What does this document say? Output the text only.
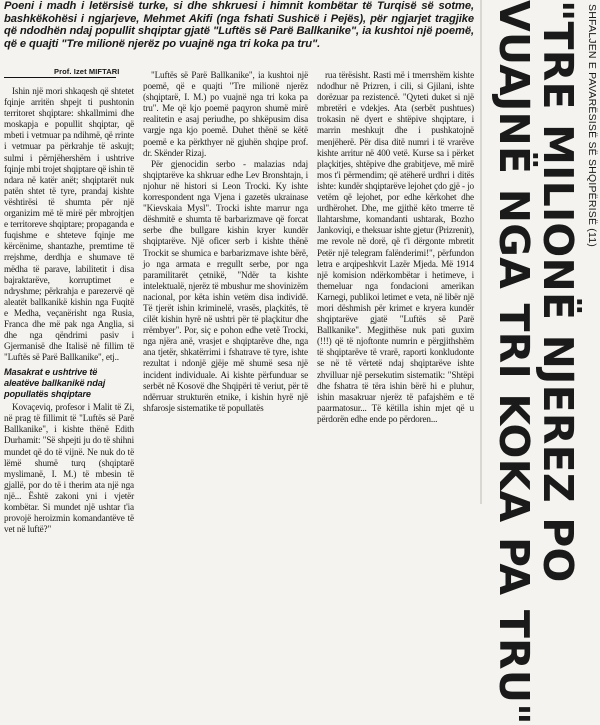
Poeni i madh i letërsisë turke, si dhe shkruesi i himnit kombëtar të Turqisë së sotme, bashkëkohësi i ngjarjeve, Mehmet Akifi (nga fshati Sushicë i Pejës), për ngjarjet tragjike që ndodhën ndaj popullit shqiptar gjatë "Luftës së Parë Ballkanike", ia kushtoi një poemë, që e quajti "Tre milionë njerëz po vuajnë nga tri koka pa tru".
Prof. Izet MIFTARI

Ishin një mori shkaqesh që shtetet fqinje arritën shpejt ti pushtonin territoret shqiptare: shkallmimi dhe moskapja e popullit shqiptar, që mbeti i vetmuar pa ndihmë, që rrinte i vetmuar pa përkrahje të askujt; sulmi i përnjëhershëm i ushtrive fqinje mbi trojet shqiptare që ishin të ndara në katër anët; shqiptarët nuk patën shtet të tyre, prandaj kishte vështirësi të shumta për një organizim më të mirë për mbrojtjen e territoreve shqiptare; propaganda e fuqishme e shteteve fqinje me kërcënime, shantazhe, premtime të rrejshme, derdhja e shumave të mëdha të parave, labilitetit i disa bajraktarëve, korruptimet e ndryshme; përkrahja e parezervë që aleatët ballkanikë kishin nga Fuqitë e Medha, veçanërisht nga Rusia, Franca dhe më pak nga Anglia, si dhe nga qëndrimi pasiv i Gjermanisë dhe Italisë në fillim të "Luftës së Parë Ballkanike", etj..

Masakrat e ushtrive të aleatëve ballkanikë ndaj popullatës shqiptare

Kovaçeviq, profesor i Malit të Zi, në prag të fillimit të "Luftës së Parë Ballkanike", i kishte thënë Edith Durhamit: "Së shpejti ju do të shihni mundet që do të vijnë. Ne nuk do të lëmë shumë turq (shqiptarë myslimanë, I. M.) të mbesin të gjallë, por do të i therim ata një nga një... Është zakoni yni i vjetër kombëtar. Si mundet një ushtar t'ia provojë heroizmin komandantëve të vet në luftë?"

"Luftës së Parë Ballkanike", ia kushtoi një poemë, që e quajti "Tre milionë njerëz (shqiptarë, I. M.) po vuajnë nga tri koka pa tru". Me që kjo poemë paqyron shumë mirë realitetin e asaj periudhe, po shkëpusim disa vargje nga kjo poemë. Duhet thënë se këtë poemë e ka përkthyer në gjuhën shqipe prof. dr. Skënder Rizaj.

Për gjenocidin serbo - malazias ndaj shqiptarëve ka shkruar edhe Lev Bronshtajn, i njohur në histori si Leon Trocki. Ky ishte korrespondent nga Vjena i gazetës ukrainase "Kievskaia Mysl". Trocki ishte marrur nga dëshmitë e shumta të barbarizmave që forcat serbe dhe bullgare kishin kryer kundër shqiptarëve. Një oficer serb i kishte thënë Trockit se shumica e barbarizmave ishte bërë, jo nga armata e rregullt serbe, por nga paramilitarët çetnikë, "Ndër ta kishte intelektualë, njerëz të mbushur me shovinizëm nacional, por këta ishin vetëm disa individë. Të tjerët ishin kriminelë, vrasës, plaçkitës, të cilët kishin hyrë në ushtri për të plaçkitur dhe rrëmbyer". Por, siç e pohon edhe vetë Trocki, nga njëra anë, vrasjet e shqiptarëve dhe, nga ana tjetër, shkatërrimi i fshatrave të tyre, ishte rezultat i ndonjë gjëje më shumë sesa një incident individuale. Ai kishte përfunduar se serbët në Kosovë dhe Shqipëri të veriut, për të ndërruar strukturën etnike, i kishin hyrë një shfarosje sistematike të popullatës

rua tërësisht. Rasti më i tmerrshëm kishte ndodhur në Prizren, i cili, si Gjilani, ishte dorëzuar pa rezistencë. "Qyteti duket si një mbretëri e vdekjes. Ata (serbët pushtues) trokasin në dyert e shtëpive shqiptare, i marrin meshkujt dhe i pushkatojnë menjëherë. Për disa ditë numri i të vrarëve kishte arritur në 400 vetë. Kurse sa i përket plaçkitjes, shtëpive dhe grabitjeve, më mirë mos t'i përmendim; që atëherë urdhri i ditës ishte: kundër shqiptarëve lejohet çdo gjë - jo vetëm që lejohet, por edhe kërkohet dhe urdhërohet. Dhe, me gjithë këto tmerre të llahtarshme, komandanti ushtarak, Bozho Jankoviqi, e theksuar ishte gjetur (Prizrenit), me revole në dorë, që t'i dërgonte mbretit Petër një telegram falënderimi!", përfundon letra e arqipeshkvit Lazër Mjeda. Më 1914 një komision ndërkombëtar i hetimeve, i themeluar nga fondacioni amerikan Karnegi, publikoi letimet e veta, në libër një mori dëshmish për krimet e kryera kundër shqiptarëve gjatë "Luftës së Parë Ballkanike". Megjithëse nuk pati guxim (!!!) që të njoftonte numrin e përgjithshëm të shqiptarëve të vrarë, raporti konkludonte se në të vërtetë ndaj shqiptarëve ishte zhvilluar një persekutim sistematik: "Shtëpi dhe fshatra të tëra ishin bërë hi e pluhur, ishin masakruar njerëz të pafajshëm e të paarmatosur... Të këtilla ishin mjet që u përdorën edhe ende po përdoren...

SHFALJEN E PAVARËSISË SË SHQIPËRISË (11)
"TRE MILIONË NJEREZ PO
VUAJNË NGA TRI KOKA PA TRU"
